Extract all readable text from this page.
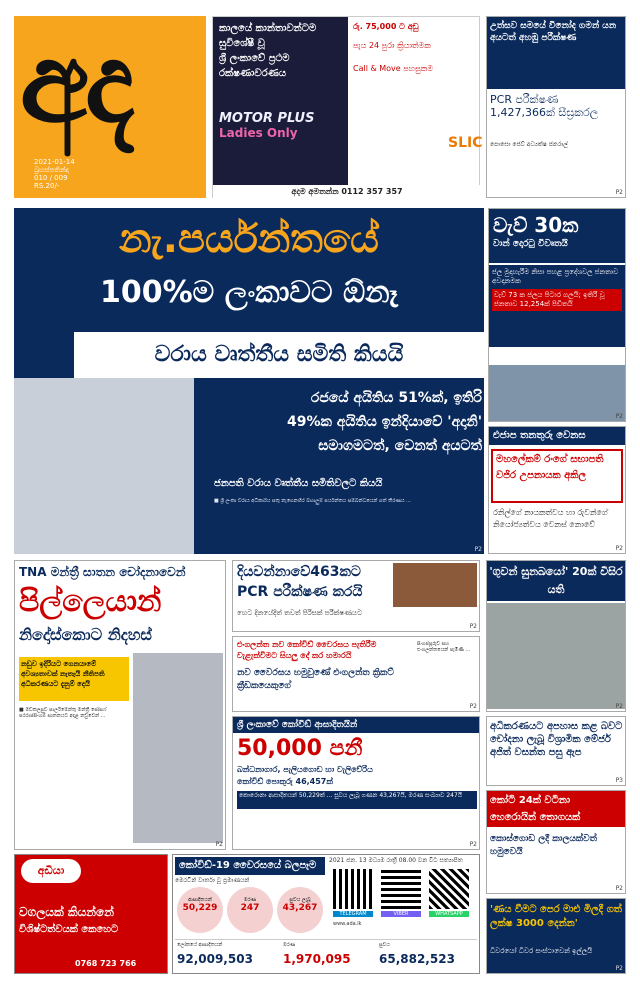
අද
2021-01-14
බ්‍රහස්පතින්දා
010 / 009
RS.20/-
කාලයේ කාන්තාවන්ටම
සුවිශේෂී වූ
ශ්‍රී ලංකාවේ ප්‍රථම
රක්ෂණාවරණය
MOTOR PLUS
Ladies Only
රු. 75,000 ට අඩු
පැය 24 පුරා ක්‍රියාත්මක
Call & Move පහසුකම
SLIC
අදම අමතන්න 0112 357 357
උත්සව සමයේ විනෝද ගමන් යන අයටත් අහඹු පරීක්ෂණ
PCR පරීක්ෂණ 1,427,366ක් සීඝ්‍රකරල
පොසො ජෙව් අධ්‍යක්ෂ ජනරාල්
P2
නැ.පර්යන්තයේ
100%ම ලංකාවට ඕනෑ
වරාය වෘත්තීය සමිති කියයි
රජයේ අයිතිය 51%ක්, ඉතිරි
49%ක අයිතිය ඉන්දියාවේ 'අදානි'
සමාගමටත්, වෙනත් අයටත්
ජනපති වරාය වෘත්තීය සමිතිවලට කියයි
■ ශ්‍රී ලංකා වරාය අධිකාරිය සතු නැගෙනහිර බහාලුම් පර්යන්තය සම්බන්ධයෙන් ගත් තීරණය ...
P2
වැව් 30ක
වාන් දොරටු විවෘතයි
ජල මුදාහැරීම නිසා පහළ ප්‍රදේශවල ජනතාව අවදානමක
වැව් 73 ක ජලය පිටාර ගලයි; ඉතිරි වූ ජනතාව 12,254ක් පිඩිතයි
P2
එජාප තනතුරු වෙනස
මහලේකම් රංගේ සභාපති වජිර උපනායක අකිල
රනිල්ගේ නායකත්වය හා රුවන්ගේ නියෝජ්‍යත්වය වෙනස් නොවේ
P2
TNA මන්ත්‍රී සාතන චෝදනාවෙන්
පිල්ලෙයාන්
නිදෝස්කොට නිදහස්
නඩුව ඉදිරියට ගෙනයාමේ අවශ්‍යතාවක් නැතැයි නීතිපති අධිකරණයට දැනුම් දෙයි
■ මඩකලපුව පාර්ලිමේන්තු මන්ත්‍රී ජෝසෆ් පරරාජසිංහම් ඝාතනයට අදාළ නඩුවෙන් ...
P2
දියවන්නාවේ463කට
PCR පරීක්ෂණ කරයි
හෙට දිනයේදීත් තවත් පිරිසක් පරීක්ෂණයට
P2
එංගලන්ත නව කෝවිඩ් වෛරසය පැතිරීම වැළැක්වීමට සියලු දේ කර හමාරයි
නව වෛරසය හමුවුණේ එංගලන්ත ක්‍රිකට් ක්‍රීඩකයෙකුගේ
සිංගප්පූරුව සහ එංගලන්තයෙන් පැමිණි ...
P2
ශ්‍රී ලංකාවේ කෝවිඩ් ආසාදිතයින්
50,000 පනී
බන්ධනාගාර, පැලියගොඩ හා වැලිවේරිය
කෝවිඩ් පොකුරු 46,457ක්
කොරොනා ආසාදිතයන් 50,229ක් ... සුවය ලැබූ ගණන 43,267යි, මරණ සංඛ්‍යාව 247යි
P2
'ගුවන් සුනඛයෝ' 20ක් විසිර යති
P2
අධිකරණයට අපහාස කළ බවට චෝදනා ලැබූ විශ්‍රාමික මේජර් අජිත් වසන්ත පසු ඇප
P3
කෝටි 24ක් වටිනා
හෙරොයින් තොගයක්
කොස්ගොඩ ලදී කාලයක්වත් හමුවෙයි
P2
'ණය වීමට පෙර මාළු මිලදී ගත් ලක්ෂ 3000 දෙන්න'
ධීවරයෝ ධීවර සංස්ථාවෙන් ඉල්ලයි
P2
අඩියා
වගලයක් කියන්නේ
විශිෂ්ටත්වයක් කෙහෙට
0768 723 766
කෝවිඩ්-19 වෛරසයේ බලපෑම
මෙරටින් වාර්තා වූ ප්‍රමාණයන්
ආසාදිතයන්
50,229
මරණ
247
සුවය ලැබූ
43,267
2021 ජන. 13 මධ්‍යම රාත්‍රී 08.00 වන විට සත්‍යාපිත
TELEGRAM	VIBER	WHATSAPP
www.ada.lk
ලෝකයේ ආසාදිතයන්
92,009,503
මරණ
1,970,095
සුවය
65,882,523
